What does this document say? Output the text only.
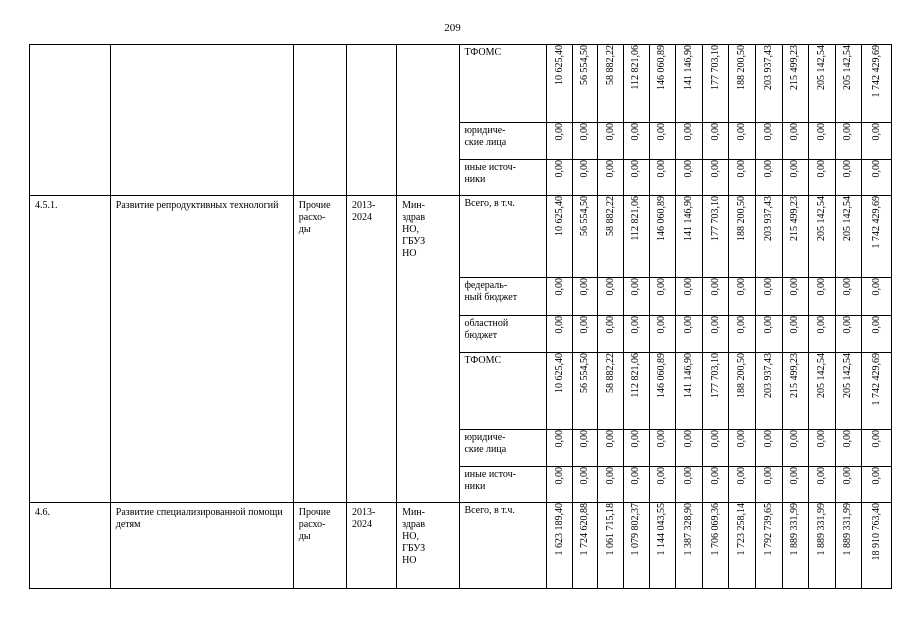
209

					ТФОМС	10 625,40	56 554,50	58 882,22	112 821,06	146 060,89	141 146,90	177 703,10	188 200,50	203 937,43	215 499,23	205 142,54	205 142,54	1 742 429,69

					юридиче-
ские лица	0,00	0,00	0,00	0,00	0,00	0,00	0,00	0,00	0,00	0,00	0,00	0,00	0,00

					иные источ-
ники	0,00	0,00	0,00	0,00	0,00	0,00	0,00	0,00	0,00	0,00	0,00	0,00	0,00

4.5.1.	Развитие репродуктивных технологий	Прочие
расхо-
ды	2013-
2024	Мин-
здрав
НО,
ГБУЗ
НО	Всего, в т.ч.	10 625,40	56 554,50	58 882,22	112 821,06	146 060,89	141 146,90	177 703,10	188 200,50	203 937,43	215 499,23	205 142,54	205 142,54	1 742 429,69

					федераль-
ный бюджет	0,00	0,00	0,00	0,00	0,00	0,00	0,00	0,00	0,00	0,00	0,00	0,00	0,00

					областной
бюджет	0,00	0,00	0,00	0,00	0,00	0,00	0,00	0,00	0,00	0,00	0,00	0,00	0,00

					ТФОМС	10 625,40	56 554,50	58 882,22	112 821,06	146 060,89	141 146,90	177 703,10	188 200,50	203 937,43	215 499,23	205 142,54	205 142,54	1 742 429,69

					юридиче-
ские лица	0,00	0,00	0,00	0,00	0,00	0,00	0,00	0,00	0,00	0,00	0,00	0,00	0,00

					иные источ-
ники	0,00	0,00	0,00	0,00	0,00	0,00	0,00	0,00	0,00	0,00	0,00	0,00	0,00

4.6.	Развитие специализированной помощи детям	Прочие
расхо-
ды	2013-
2024	Мин-
здрав
НО,
ГБУЗ
НО	Всего, в т.ч.	1 623 189,40	1 724 620,88	1 061 715,18	1 079 802,37	1 144 043,55	1 387 328,90	1 706 069,36	1 723 258,14	1 792 739,65	1 889 331,99	1 889 331,99	1 889 331,99	18 910 763,40
